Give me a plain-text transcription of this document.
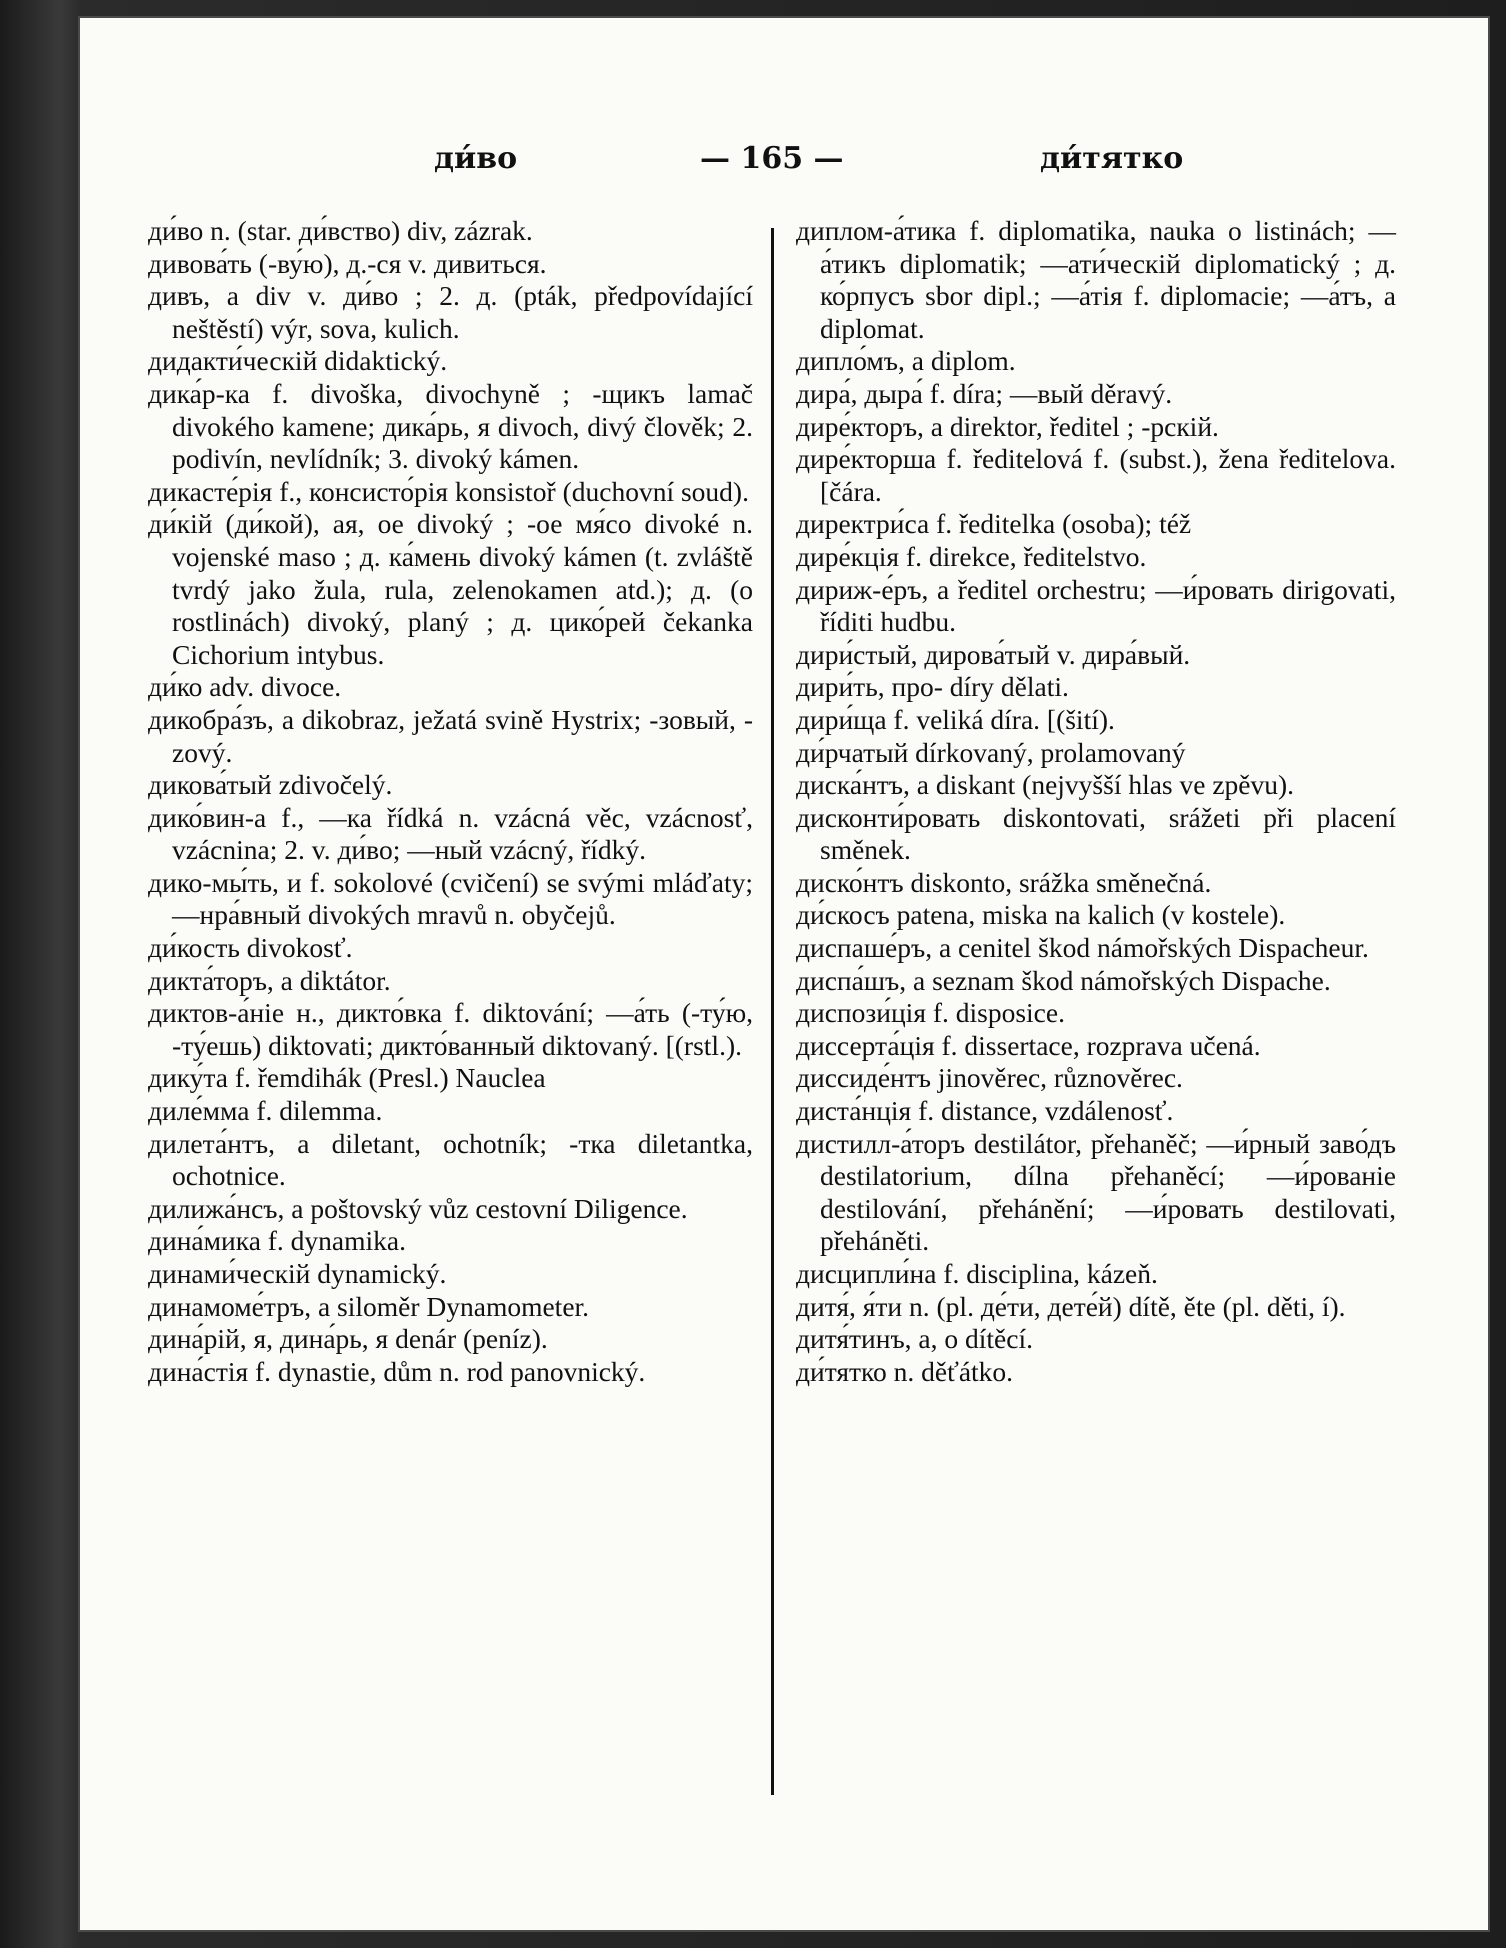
ди́во	— 165 —	ди́тятко

ди́во n. (star. ди́вство) div, zázrak.

дивова́ть (-ву́ю), д.-ся v. дивиться.

дивъ, a div v. ди́во ; 2. д. (pták, předpovídající neštěstí) výr, sova, kulich.

дидакти́ческій didaktický.

дика́р-ка f. divoška, divochyně ; -щикъ lamač divokého kamene; дика́рь, я divoch, divý člověk; 2. podivín, nevlídník; 3. divoký kámen.

дикасте́рія f., консисто́рія konsistoř (duchovní soud).

ди́кій (ди́кой), ая, ое divoký ; -ое мя́со divoké n. vojenské maso ; д. ка́мень divoký kámen (t. zvláště tvrdý jako žula, rula, zelenokamen atd.); д. (o rostlinách) divoký, planý ; д. цико́рей čekanka Cichorium intybus.

ди́ко adv. divoce.

дикобра́зъ, a dikobraz, ježatá svině Hystrix; -зовый, -zový.

дикова́тый zdivočelý.

дико́вин-а f., —ка řídká n. vzácná věc, vzácnosť, vzácnina; 2. v. ди́во; —ный vzácný, řídký.

дико-мы́ть, и f. sokolové (cvičení) se svými mláďaty; —нра́вный divokých mravů n. obyčejů.

ди́кость divokosť.

дикта́торъ, a diktátor.

диктов-а́ніе н., дикто́вка f. diktování; —а́ть (-ту́ю, -ту́ешь) diktovati; дикто́ванный diktovaný. [(rstl.).

дику́та f. řemdihák (Presl.) Nauclea

диле́мма f. dilemma.

дилета́нтъ, a diletant, ochotník; -тка diletantka, ochotnice.

дилижа́нсъ, a poštovský vůz cestovní Diligence.

дина́мика f. dynamika.

динами́ческій dynamický.

динамоме́тръ, a siloměr Dynamometer.

дина́рій, я, дина́рь, я denár (peníz).

дина́стія f. dynastie, dům n. rod panovnický.

диплом-а́тика f. diplomatika, nauka o listinách; —а́тикъ diplomatik; —ати́ческій diplomatický ; д. ко́рпусъ sbor dipl.; —а́тія f. diplomacie; —а́тъ, a diplomat.

дипло́мъ, a diplom.

дира́, дыра́ f. díra; —вый děravý.

дире́кторъ, a direktor, ředitel ; -рскій.

дире́кторша f. ředitelová f. (subst.), žena ředitelova. [čára.

директри́са f. ředitelka (osoba); též

дире́кція f. direkce, ředitelstvo.

дириж-е́ръ, a ředitel orchestru; —и́ровать dirigovati, říditi hudbu.

дири́стый, дирова́тый v. дира́вый.

дири́ть, про- díry dělati.

дири́ща f. veliká díra. [(šití).

ди́рчатый dírkovaný, prolamovaný

диска́нтъ, a diskant (nejvyšší hlas ve zpěvu).

дисконти́ровать diskontovati, srážeti při placení směnek.

диско́нтъ diskonto, srážka směnečná.

ди́скосъ patena, miska na kalich (v kostele).

диспаше́ръ, a cenitel škod námořských Dispacheur.

диспа́шъ, a seznam škod námořských Dispache.

диспози́ція f. disposice.

диссерта́ція f. dissertace, rozprava učená.

диссиде́нтъ jinověrec, různověrec.

диста́нція f. distance, vzdálenosť.

дистилл-а́торъ destilátor, přehaněč; —и́рный заво́дъ destilatorium, dílna přehaněcí; —и́рованіе destilování, přehánění; —и́ровать destilovati, přeháněti.

дисципли́на f. disciplina, kázeň.

дитя́, я́ти n. (pl. де́ти, дете́й) dítě, ěte (pl. děti, í).

дитя́тинъ, а, о dítěcí.

ди́тятко n. děťátko.
